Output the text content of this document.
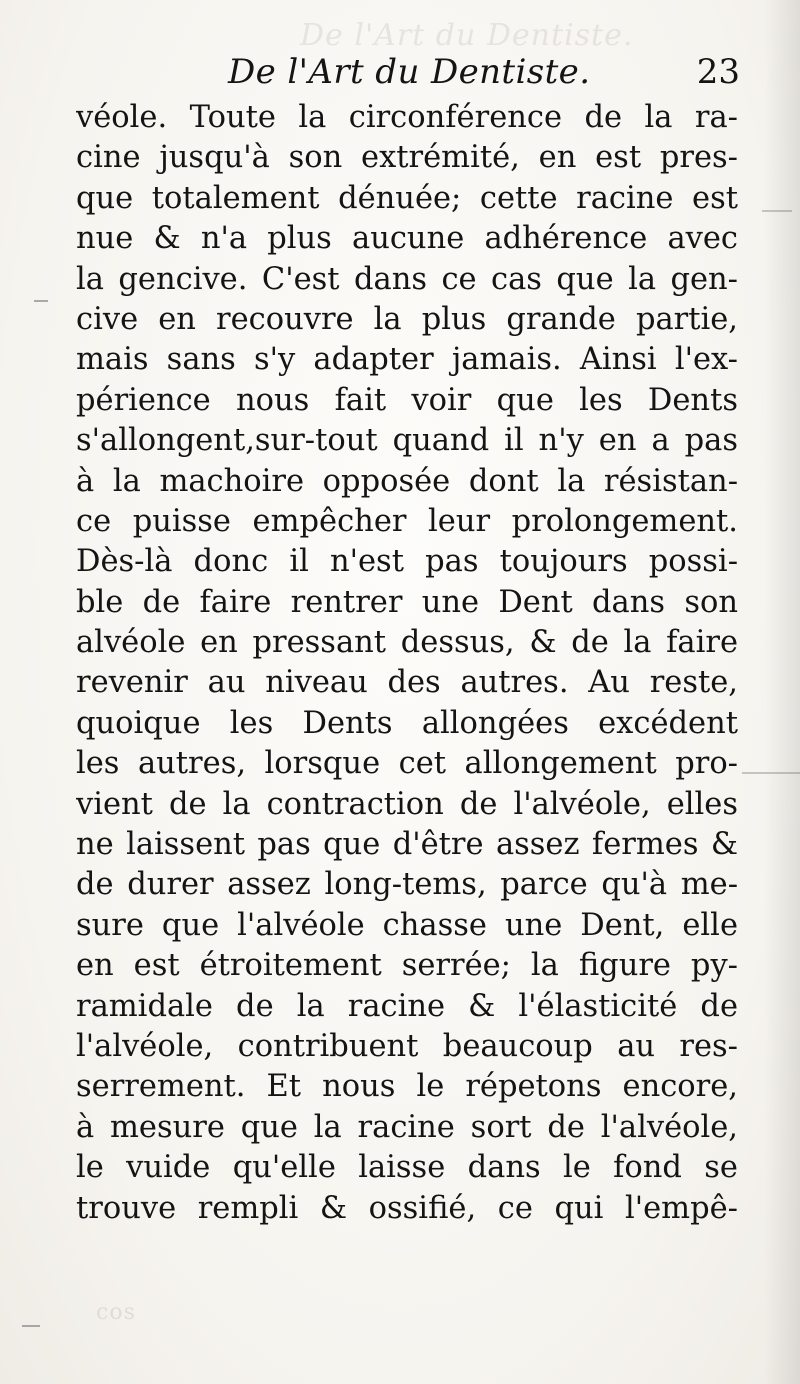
De l'Art du Dentiste.
De l'Art du Dentiste.	23
véole. Toute la circonférence de la ra-
cine jusqu'à son extrémité, en est pres-
que totalement dénuée; cette racine est
nue & n'a plus aucune adhérence avec
la gencive. C'est dans ce cas que la gen-
cive en recouvre la plus grande partie,
mais sans s'y adapter jamais. Ainsi l'ex-
périence nous fait voir que les Dents
s'allongent,sur-tout quand il n'y en a pas
à la machoire opposée dont la résistan-
ce puisse empêcher leur prolongement.
Dès-là donc il n'est pas toujours possi-
ble de faire rentrer une Dent dans son
alvéole en pressant dessus, & de la faire
revenir au niveau des autres. Au reste,
quoique les Dents allongées excédent
les autres, lorsque cet allongement pro-
vient de la contraction de l'alvéole, elles
ne laissent pas que d'être assez fermes &
de durer assez long-tems, parce qu'à me-
sure que l'alvéole chasse une Dent, elle
en est étroitement serrée; la figure py-
ramidale de la racine & l'élasticité de
l'alvéole, contribuent beaucoup au res-
serrement. Et nous le répetons encore,
à mesure que la racine sort de l'alvéole,
le vuide qu'elle laisse dans le fond se
trouve rempli & ossifié, ce qui l'empê-
cos
